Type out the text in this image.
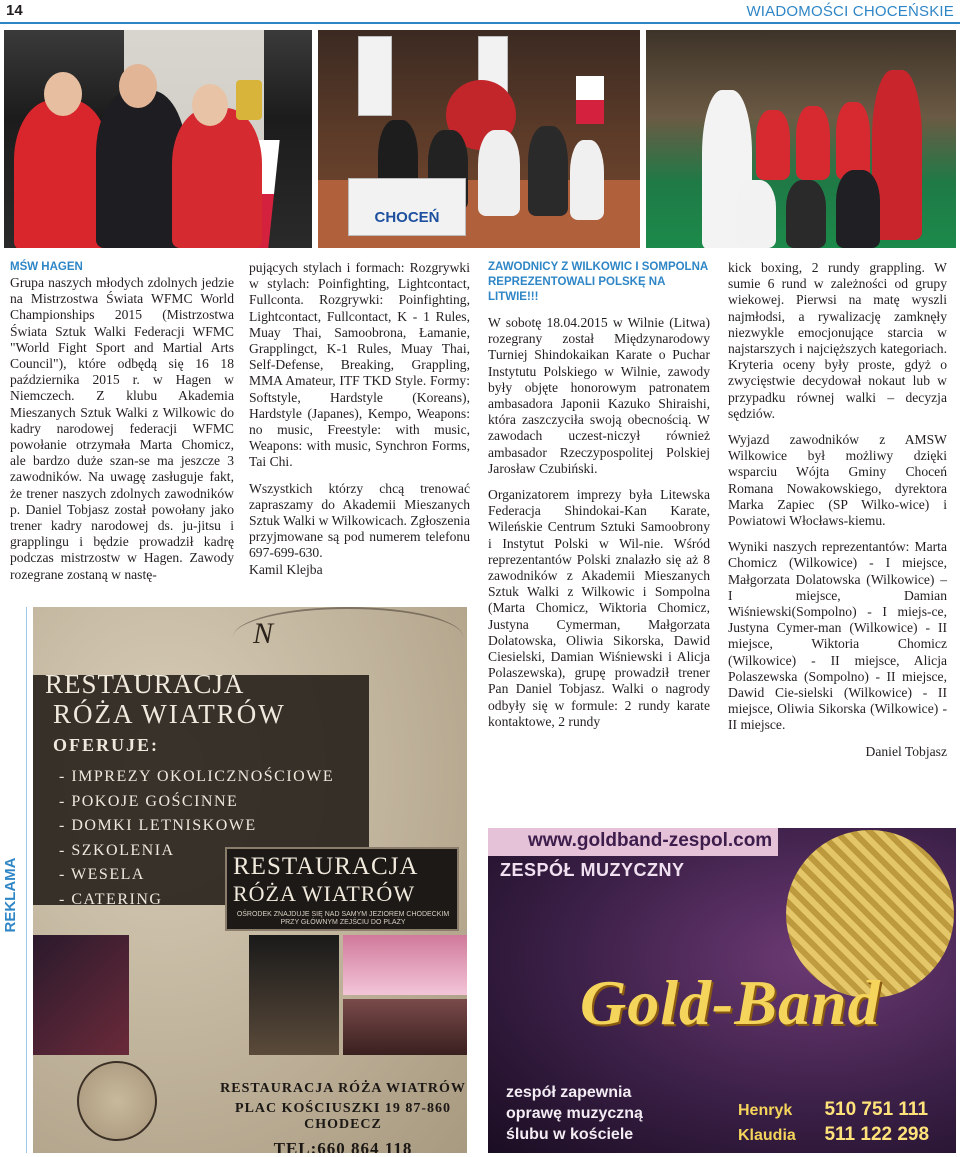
14	WIADOMOŚCI CHOCEŃSKIE
CHOCEŃ
MŚW HAGEN

Grupa naszych młodych zdolnych jedzie na Mistrzostwa Świata WFMC World Championships 2015 (Mistrzostwa Świata Sztuk Walki Federacji WFMC "World Fight Sport and Martial Arts Council"), które odbędą się 16 18 października 2015 r. w Hagen w Niemczech. Z klubu Akademia Mieszanych Sztuk Walki z Wilkowic do kadry narodowej federacji WFMC powołanie otrzymała Marta Chomicz, ale bardzo duże szan-se ma jeszcze 3 zawodników. Na uwagę zasługuje fakt, że trener naszych zdolnych zawodników p. Daniel Tobjasz został powołany jako trener kadry narodowej ds. ju-jitsu i grapplingu i będzie prowadził kadrę podczas mistrzostw w Hagen. Zawody rozegrane zostaną w nastę-

pujących stylach i formach: Rozgrywki w stylach: Poinfighting, Lightcontact, Fullconta. Rozgrywki: Poinfighting, Lightcontact, Fullcontact, K - 1 Rules, Muay Thai, Samoobrona, Łamanie, Grapplingct, K-1 Rules, Muay Thai, Self-Defense, Breaking, Grappling, MMA Amateur, ITF TKD Style. Formy: Softstyle, Hardstyle (Koreans), Hardstyle (Japanes), Kempo, Weapons: no music, Freestyle: with music, Weapons: with music, Synchron Forms, Tai Chi.

Wszystkich którzy chcą trenować zapraszamy do Akademii Mieszanych Sztuk Walki w Wilkowicach. Zgłoszenia przyjmowane są pod numerem telefonu 697-699-630.

Kamil Klejba

ZAWODNICY Z WILKOWIC I SOMPOLNA REPREZENTOWALI POLSKĘ NA LITWIE!!!

W sobotę 18.04.2015 w Wilnie (Litwa) rozegrany został Międzynarodowy Turniej Shindokaikan Karate o Puchar Instytutu Polskiego w Wilnie, zawody były objęte honorowym patronatem ambasadora Japonii Kazuko Shiraishi, która zaszczyciła swoją obecnością. W zawodach uczest-niczył również ambasador Rzeczypospolitej Polskiej Jarosław Czubiński.

Organizatorem imprezy była Litewska Federacja Shindokai-Kan Karate, Wileńskie Centrum Sztuki Samoobrony i Instytut Polski w Wil-nie. Wśród reprezentantów Polski znalazło się aż 8 zawodników z Akademii Mieszanych Sztuk Walki z Wilkowic i Sompolna (Marta Chomicz, Wiktoria Chomicz, Justyna Cymerman, Małgorzata Dolatowska, Oliwia Sikorska, Dawid Ciesielski, Damian Wiśniewski i Alicja Polaszewska), grupę prowadził trener Pan Daniel Tobjasz. Walki o nagrody odbyły się w formule: 2 rundy karate kontaktowe, 2 rundy

kick boxing, 2 rundy grappling. W sumie 6 rund w zależności od grupy wiekowej. Pierwsi na matę wyszli najmłodsi, a rywalizację zamknęły niezwykle emocjonujące starcia w najstarszych i najcięższych kategoriach. Kryteria oceny były proste, gdyż o zwycięstwie decydował nokaut lub w przypadku równej walki – decyzja sędziów.

Wyjazd zawodników z AMSW Wilkowice był możliwy dzięki wsparciu Wójta Gminy Choceń Romana Nowakowskiego, dyrektora Marka Zapiec (SP Wilko-wice) i Powiatowi Włocławs-kiemu.

Wyniki naszych reprezentantów: Marta Chomicz (Wilkowice) - I miejsce, Małgorzata Dolatowska (Wilkowice) – I miejsce, Damian Wiśniewski(Sompolno) - I miejs-ce, Justyna Cymer-man (Wilkowice) - II miejsce, Wiktoria Chomicz (Wilkowice) - II miejsce, Alicja Polaszewska (Sompolno) - II miejsce, Dawid Cie-sielski (Wilkowice) - II miejsce, Oliwia Sikorska (Wilkowice) - II miejsce.

Daniel Tobjasz

REKLAMA
N
RESTAURACJA
RÓŻA WIATRÓW
OFERUJE:
- IMPREZY OKOLICZNOŚCIOWE
- POKOJE GOŚCINNE
- DOMKI LETNISKOWE
- SZKOLENIA
- WESELA
- CATERING
RESTAURACJA
RÓŻA WIATRÓW
OŚRODEK ZNAJDUJE SIĘ NAD SAMYM JEZIOREM CHODECKIM PRZY GŁÓWNYM ZEJŚCIU DO PLAŻY
RESTAURACJA RÓŻA WIATRÓW
PLAC KOŚCIUSZKI 19 87-860 CHODECZ
TEL:660 864 118
www.goldband-zespol.com
ZESPÓŁ MUZYCZNY
Gold-Band
zespół zapewnia
oprawę muzyczną
ślubu w kościele
Henryk 510 751 111
Klaudia 511 122 298
